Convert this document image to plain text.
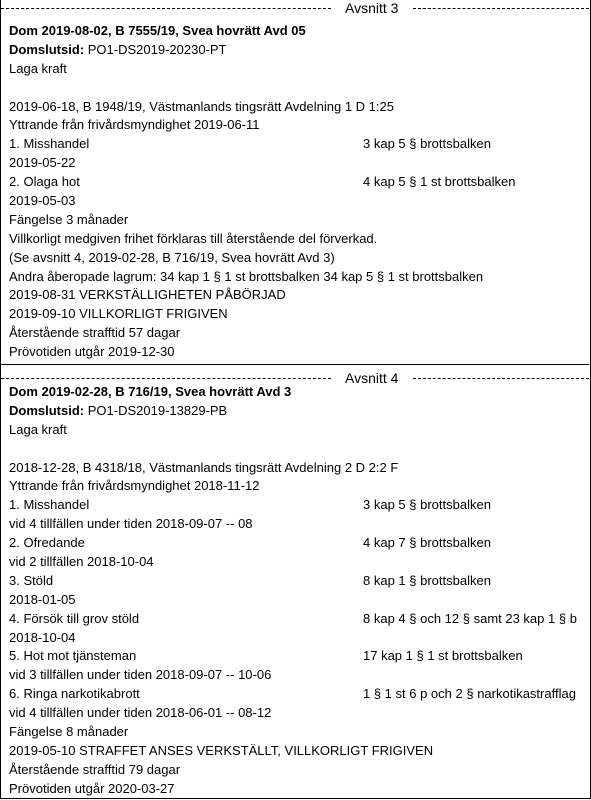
Avsnitt 3
Dom 2019-08-02, B 7555/19, Svea hovrätt Avd 05
Domslutsid: PO1-DS2019-20230-PT
Laga kraft
2019-06-18, B 1948/19, Västmanlands tingsrätt Avdelning 1 D 1:25
Yttrande från frivårdsmyndighet 2019-06-11
1. Misshandel	3 kap 5 § brottsbalken
2019-05-22
2. Olaga hot	4 kap 5 § 1 st brottsbalken
2019-05-03
Fängelse 3 månader
Villkorligt medgiven frihet förklaras till återstående del förverkad.
(Se avsnitt 4, 2019-02-28, B 716/19, Svea hovrätt Avd 3)
Andra åberopade lagrum: 34 kap 1 § 1 st brottsbalken 34 kap 5 § 1 st brottsbalken
2019-08-31 VERKSTÄLLIGHETEN PÅBÖRJAD
2019-09-10 VILLKORLIGT FRIGIVEN
Återstående strafftid 57 dagar
Prövotiden utgår 2019-12-30
Avsnitt 4
Dom 2019-02-28, B 716/19, Svea hovrätt Avd 3
Domslutsid: PO1-DS2019-13829-PB
Laga kraft
2018-12-28, B 4318/18, Västmanlands tingsrätt Avdelning 2 D 2:2 F
Yttrande från frivårdsmyndighet 2018-11-12
1. Misshandel	3 kap 5 § brottsbalken
vid 4 tillfällen under tiden 2018-09-07 -- 08
2. Ofredande	4 kap 7 § brottsbalken
vid 2 tillfällen 2018-10-04
3. Stöld	8 kap 1 § brottsbalken
2018-01-05
4. Försök till grov stöld	8 kap 4 § och 12 § samt 23 kap 1 § b
2018-10-04
5. Hot mot tjänsteman	17 kap 1 § 1 st brottsbalken
vid 3 tillfällen under tiden 2018-09-07 -- 10-06
6. Ringa narkotikabrott	1 § 1 st 6 p och 2 § narkotikastrafflag
vid 4 tillfällen under tiden 2018-06-01 -- 08-12
Fängelse 8 månader
2019-05-10 STRAFFET ANSES VERKSTÄLLT, VILLKORLIGT FRIGIVEN
Återstående strafftid 79 dagar
Prövotiden utgår 2020-03-27
